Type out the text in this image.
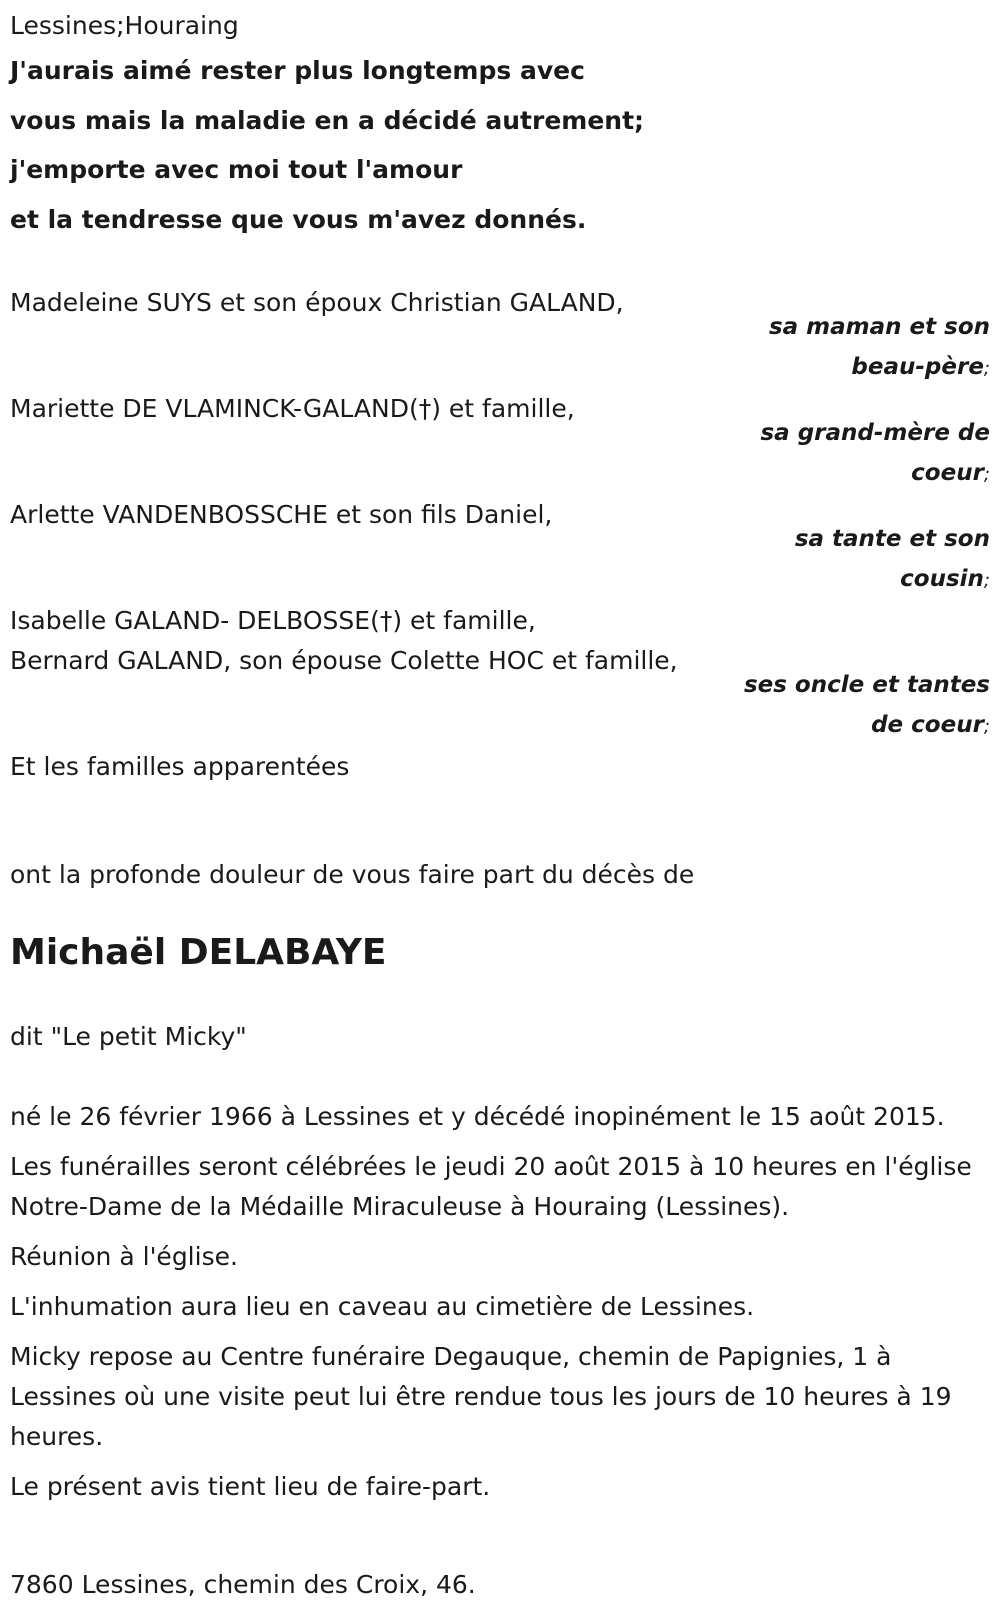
Lessines;Houraing
J'aurais aimé rester plus longtemps avec
vous mais la maladie en a décidé autrement;
j'emporte avec moi tout l'amour
et la tendresse que vous m'avez donnés.
Madeleine SUYS et son époux Christian GALAND,
sa maman et son
beau-père;
Mariette DE VLAMINCK-GALAND(†) et famille,
sa grand-mère de
coeur;
Arlette VANDENBOSSCHE et son fils Daniel,
sa tante et son
cousin;
Isabelle GALAND- DELBOSSE(†) et famille,
Bernard GALAND, son épouse Colette HOC et famille,
ses oncle et tantes
de coeur;
Et les familles apparentées
ont la profonde douleur de vous faire part du décès de
Michaël DELABAYE
dit "Le petit Micky"
né le 26 février 1966 à Lessines et y décédé inopinément le 15 août 2015.
Les funérailles seront célébrées le jeudi 20 août 2015 à 10 heures en l'église Notre-Dame de la Médaille Miraculeuse à Houraing (Lessines).
Réunion à l'église.
L'inhumation aura lieu en caveau au cimetière de Lessines.
Micky repose au Centre funéraire Degauque, chemin de Papignies, 1 à Lessines où une visite peut lui être rendue tous les jours de 10 heures à 19 heures.
Le présent avis tient lieu de faire-part.
7860 Lessines, chemin des Croix, 46.
